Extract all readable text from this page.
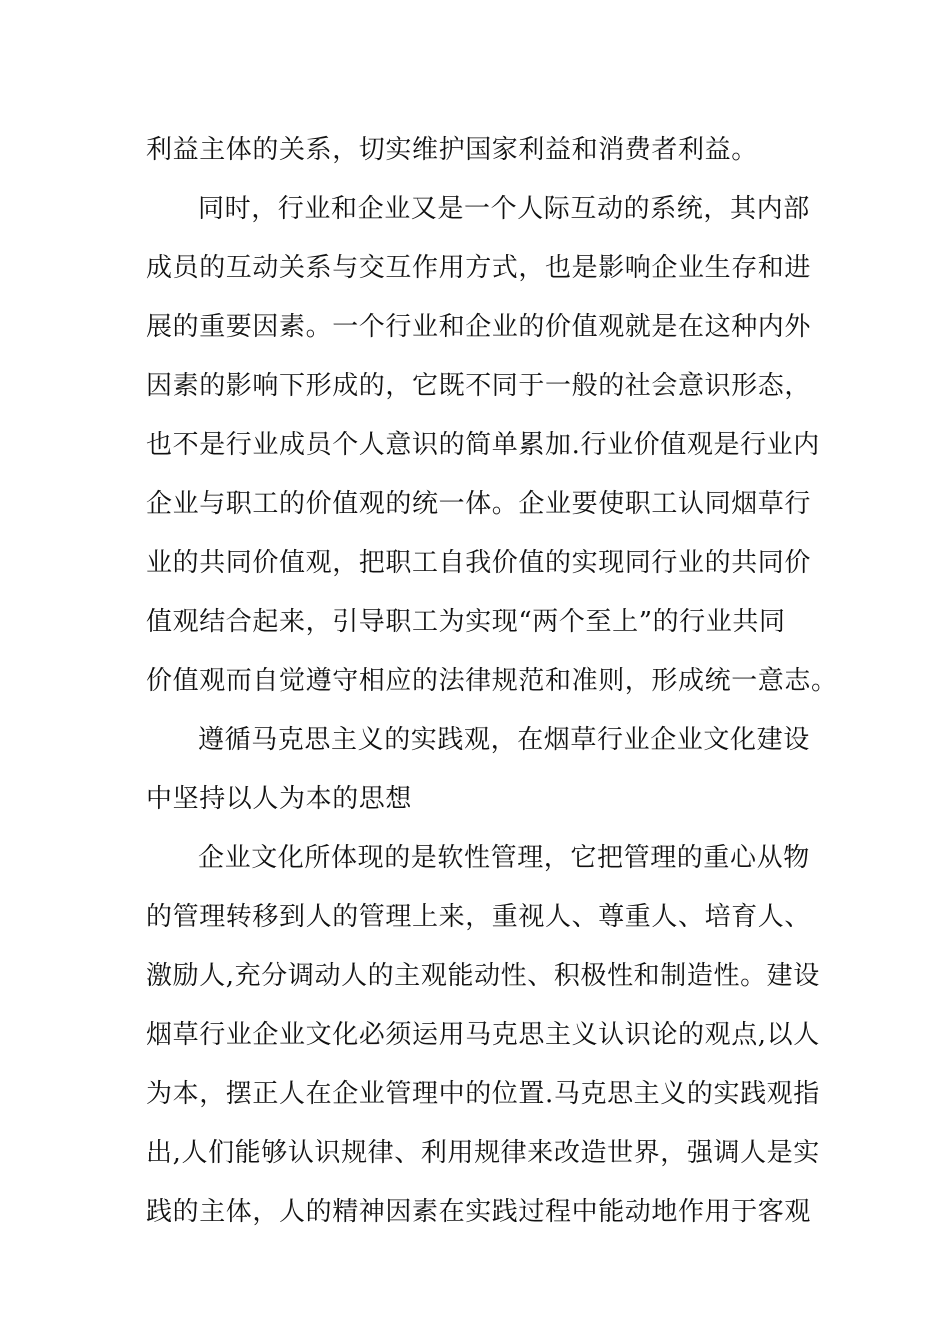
利益主体的关系，切实维护国家利益和消费者利益。
同时，行业和企业又是一个人际互动的系统，其内部
成员的互动关系与交互作用方式，也是影响企业生存和进
展的重要因素。一个行业和企业的价值观就是在这种内外
因素的影响下形成的，它既不同于一般的社会意识形态，
也不是行业成员个人意识的简单累加.行业价值观是行业内
企业与职工的价值观的统一体。企业要使职工认同烟草行
业的共同价值观，把职工自我价值的实现同行业的共同价
值观结合起来，引导职工为实现“两个至上”的行业共同
价值观而自觉遵守相应的法律规范和准则，形成统一意志。
遵循马克思主义的实践观，在烟草行业企业文化建设
中坚持以人为本的思想
企业文化所体现的是软性管理，它把管理的重心从物
的管理转移到人的管理上来，重视人、尊重人、培育人、
激励人,充分调动人的主观能动性、积极性和制造性。建设
烟草行业企业文化必须运用马克思主义认识论的观点,以人
为本，摆正人在企业管理中的位置.马克思主义的实践观指
出,人们能够认识规律、利用规律来改造世界，强调人是实
践的主体，人的精神因素在实践过程中能动地作用于客观
